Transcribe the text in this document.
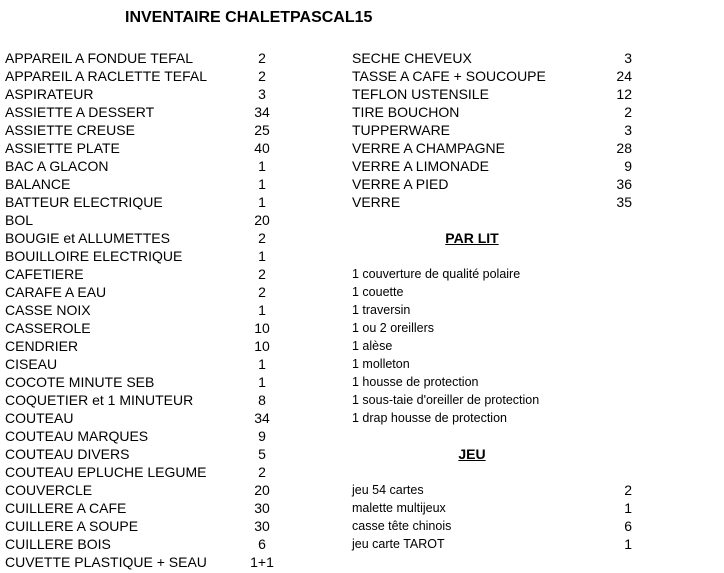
INVENTAIRE CHALETPASCAL15
APPAREIL A FONDUE TEFAL	2
APPAREIL A RACLETTE TEFAL	2
ASPIRATEUR	3
ASSIETTE A DESSERT	34
ASSIETTE CREUSE	25
ASSIETTE PLATE	40
BAC A GLACON	1
BALANCE	1
BATTEUR ELECTRIQUE	1
BOL	20
BOUGIE et ALLUMETTES	2
BOUILLOIRE ELECTRIQUE	1
CAFETIERE	2
CARAFE A EAU	2
CASSE NOIX	1
CASSEROLE	10
CENDRIER	10
CISEAU	1
COCOTE MINUTE SEB	1
COQUETIER et 1 MINUTEUR	8
COUTEAU	34
COUTEAU MARQUES	9
COUTEAU DIVERS	5
COUTEAU EPLUCHE LEGUME	2
COUVERCLE	20
CUILLERE A CAFE	30
CUILLERE A SOUPE	30
CUILLERE BOIS	6
CUVETTE PLASTIQUE + SEAU	1+1
SECHE CHEVEUX	3
TASSE A CAFE + SOUCOUPE	24
TEFLON USTENSILE	12
TIRE BOUCHON	2
TUPPERWARE	3
VERRE A CHAMPAGNE	28
VERRE A LIMONADE	9
VERRE A PIED	36
VERRE	35
PAR LIT
1 couverture de qualité polaire
1 couette
1 traversin
1 ou 2 oreillers
1 alèse
1 molleton
1 housse de protection
1 sous-taie d'oreiller de protection
1 drap housse de protection
JEU
jeu 54 cartes	2
malette multijeux	1
casse tête chinois	6
jeu carte TAROT	1
